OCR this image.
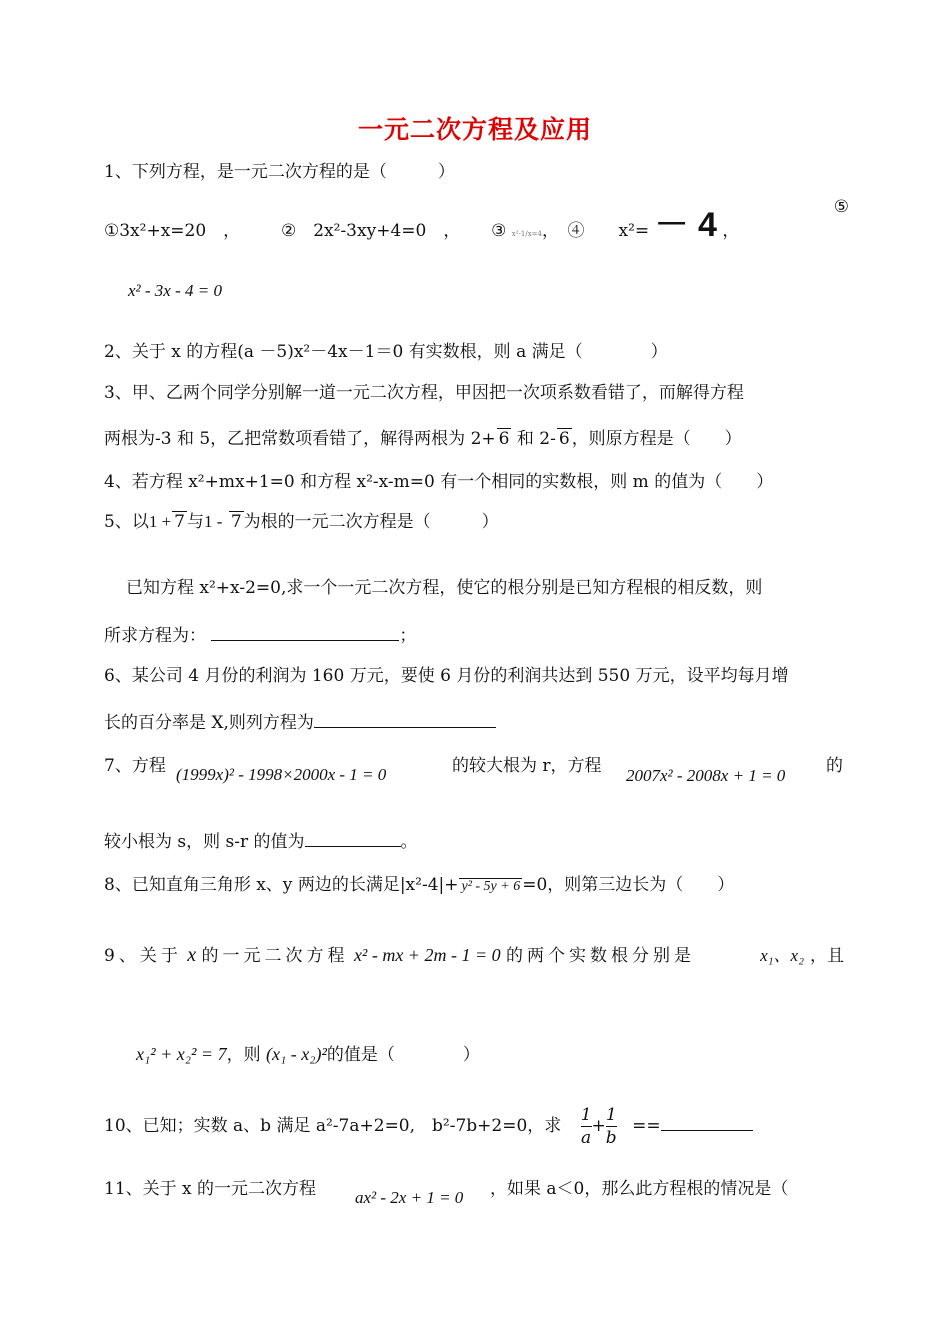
一元二次方程及应用
1、下列方程，是一元二次方程的是（　　　）
①3x²+x=20　， ②　2x²-3xy+4=0　， ③ x²-1/x=4，　④　　x²= － 4 ，
⑤
x² - 3x - 4 = 0
2、关于 x 的方程(a －5)x²－4x－1＝0 有实数根，则 a 满足（　　　　）
3、甲、乙两个同学分别解一道一元二次方程，甲因把一次项系数看错了，而解得方程
两根为-3 和 5，乙把常数项看错了，解得两根为 2+ 6 和 2- 6 ，则原方程是（　　）
4、若方程 x²+mx+1=0 和方程 x²-x-m=0 有一个相同的实数根，则 m 的值为（　　）
5、以1 + 7 与1 - 7 为根的一元二次方程是（　　　）
已知方程 x²+x-2=0,求一个一元二次方程，使它的根分别是已知方程根的相反数，则
所求方程为：	；
6、某公司 4 月份的利润为 160 万元，要使 6 月份的利润共达到 550 万元，设平均每月增
长的百分率是 X,则列方程为
7、方程 (1999x)² - 1998×2000x - 1 = 0	的较大根为 r，方程 2007x² - 2008x + 1 = 0 的
较小根为 s，则 s-r 的值为	。
8、已知直角三角形 x、y 两边的长满足|x²-4|+ y² - 5y + 6 =0，则第三边长为（　　）
9、关于 x 的一元二次方程 x² - mx + 2m - 1 = 0 的两个实数根分别是	x₁、x₂ ，且
x₁² + x₂² = 7，则 (x₁ - x₂)²的值是（　　　　）
10、已知；实数 a、b 满足 a²-7a+2=0,　b²-7b+2=0，求 $\frac{1}{a} + \frac{1}{b}$ ==
11、关于 x 的一元二次方程 ax² - 2x + 1 = 0 ，如果 a＜0，那么此方程根的情况是（
